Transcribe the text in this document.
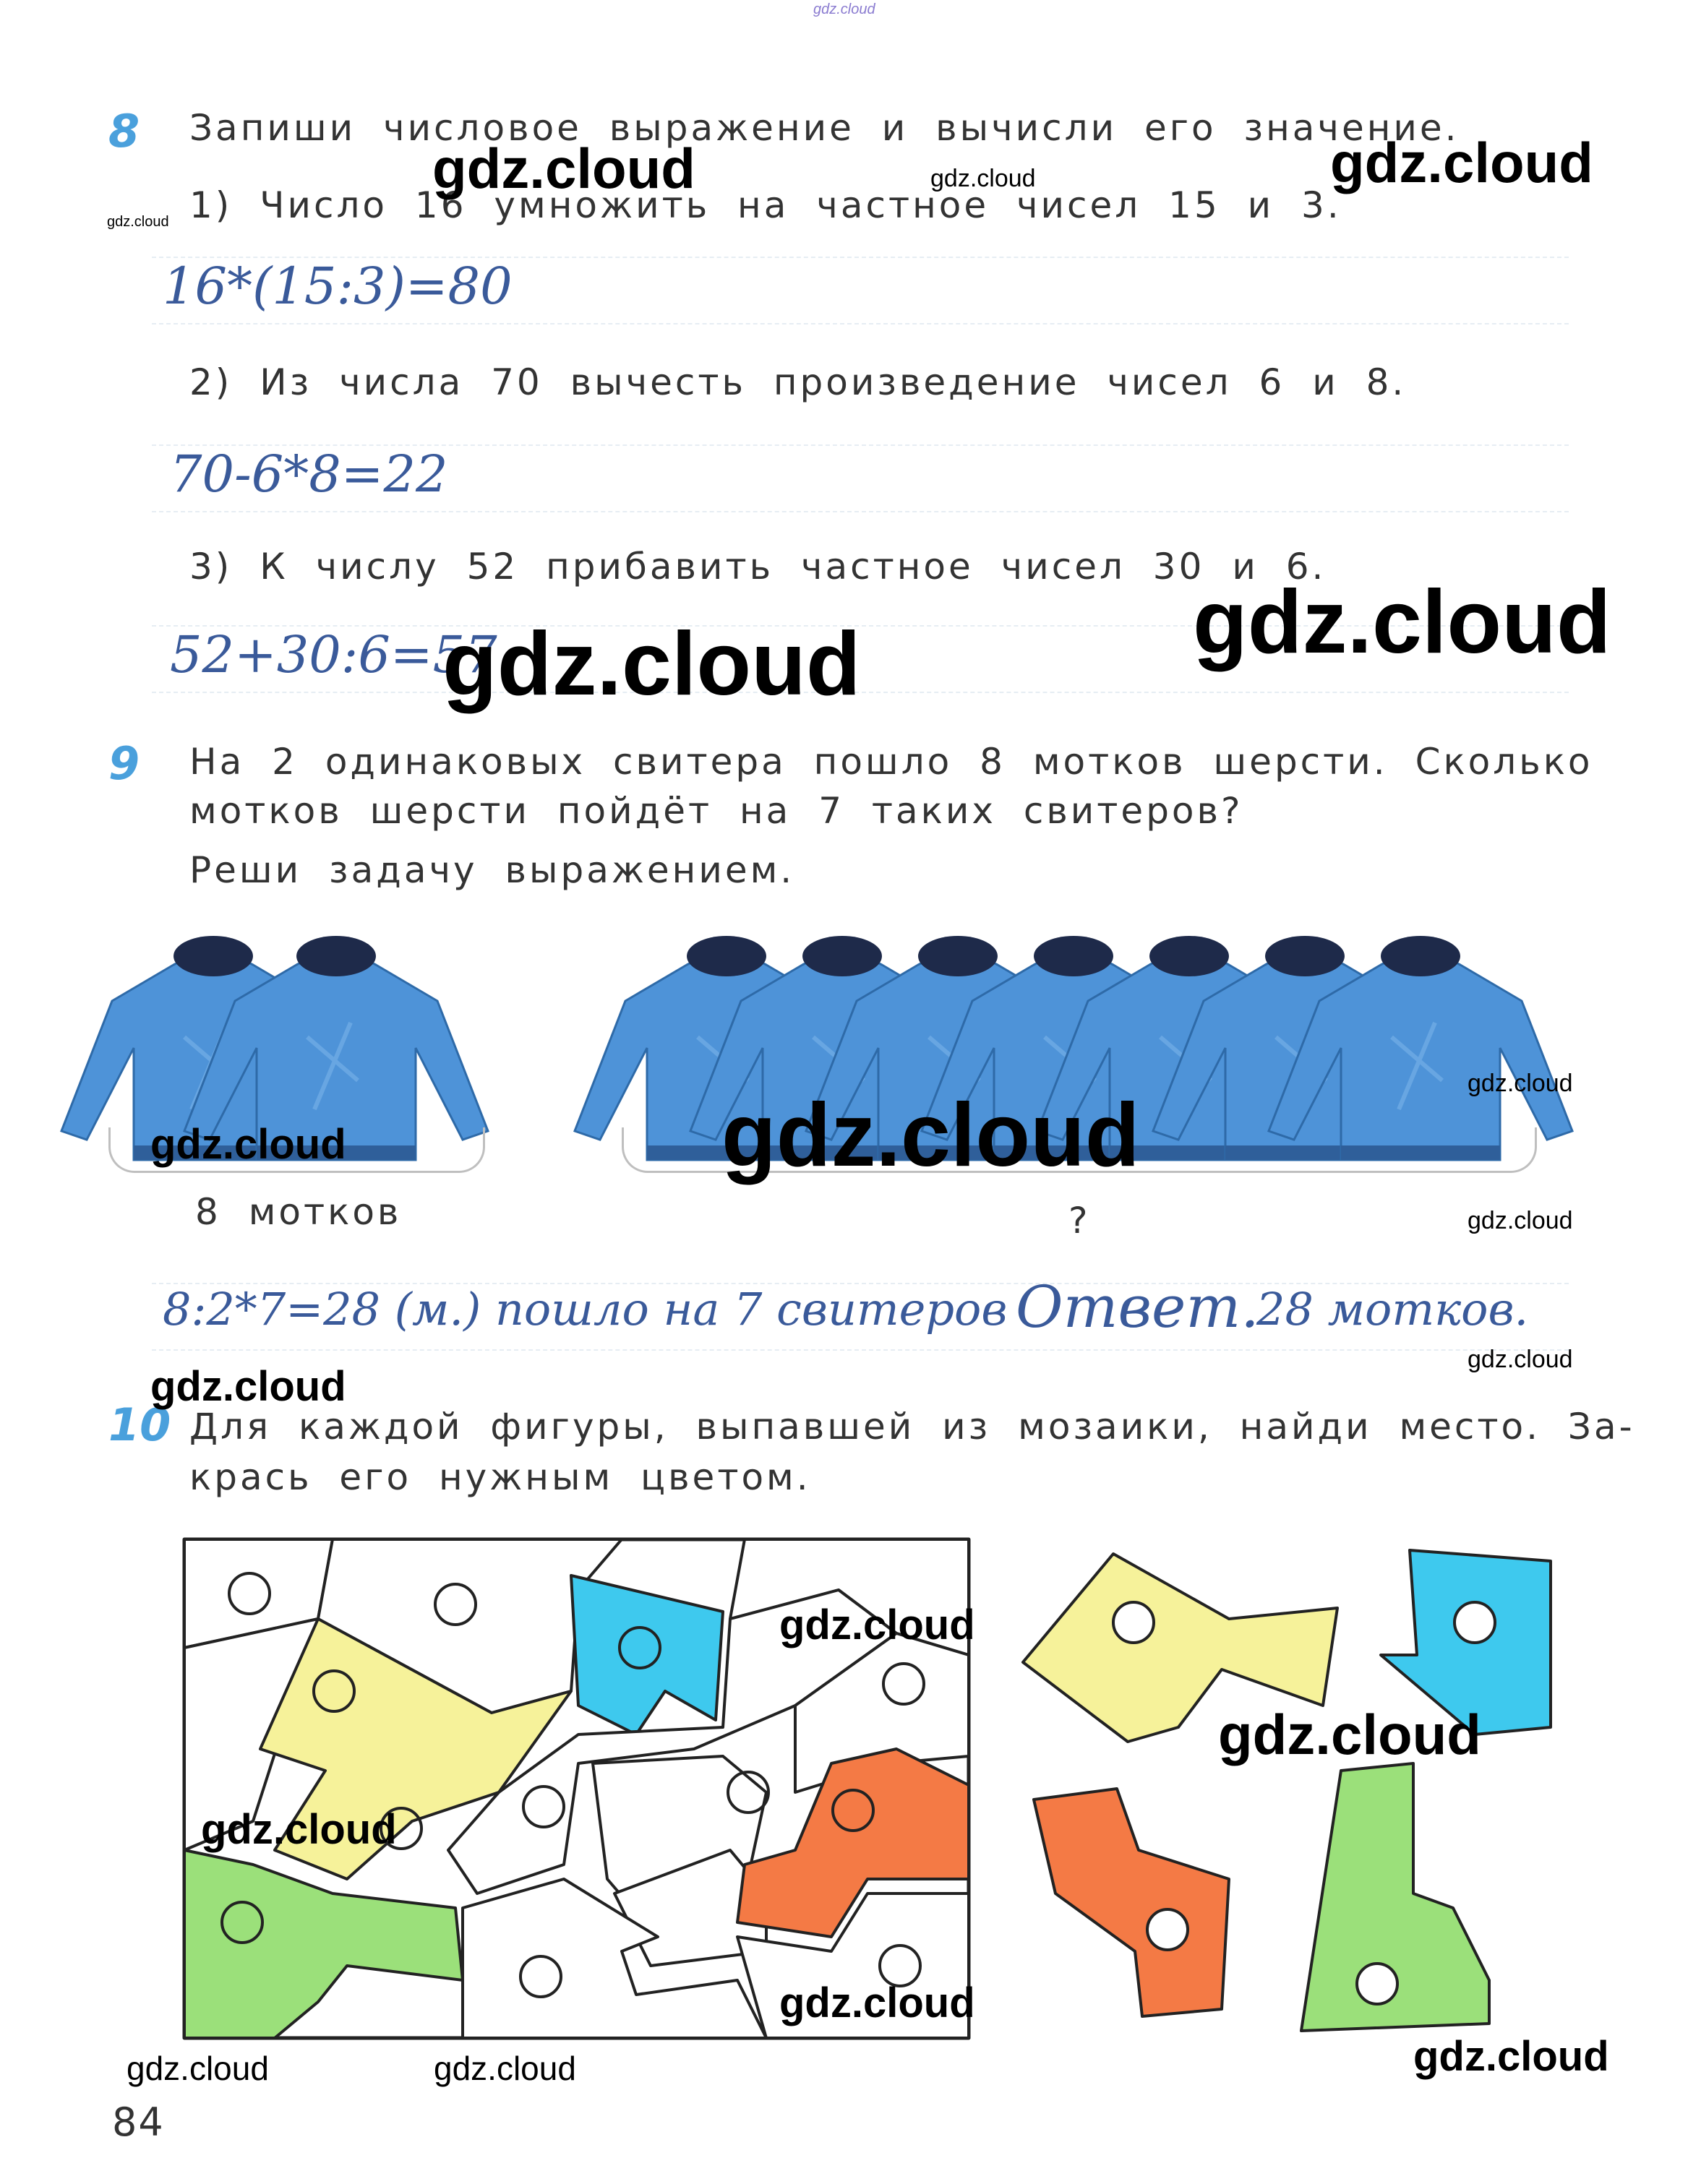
gdz.cloud
8 Запиши числовое выражение и вычисли его значение.
1) Число 16 умножить на частное чисел 15 и 3.
16*(15:3)=80
2) Из числа 70 вычесть произведение чисел 6 и 8.
70-6*8=22
3) К числу 52 прибавить частное чисел 30 и 6.
52+30:6=57
9 На 2 одинаковых свитера пошло 8 мотков шерсти. Сколько
мотков шерсти пойдёт на 7 таких свитеров?
Реши задачу выражением.
8 мотков	?
8:2*7=28 (м.) пошло на 7 свитеров Ответ.
28 мотков.
10 Для каждой фигуры, выпавшей из мозаики, найди место. За-
крась его нужным цветом.
84
gdz.cloud	gdz.cloud	gdz.cloud
gdz.cloud
gdz.cloud
gdz.cloud
gdz.cloud
gdz.cloud	gdz.cloud
gdz.cloud
gdz.cloud
gdz.cloud
gdz.cloud
gdz.cloud
gdz.cloud
gdz.cloud
gdz.cloud
gdz.cloud	gdz.cloud
